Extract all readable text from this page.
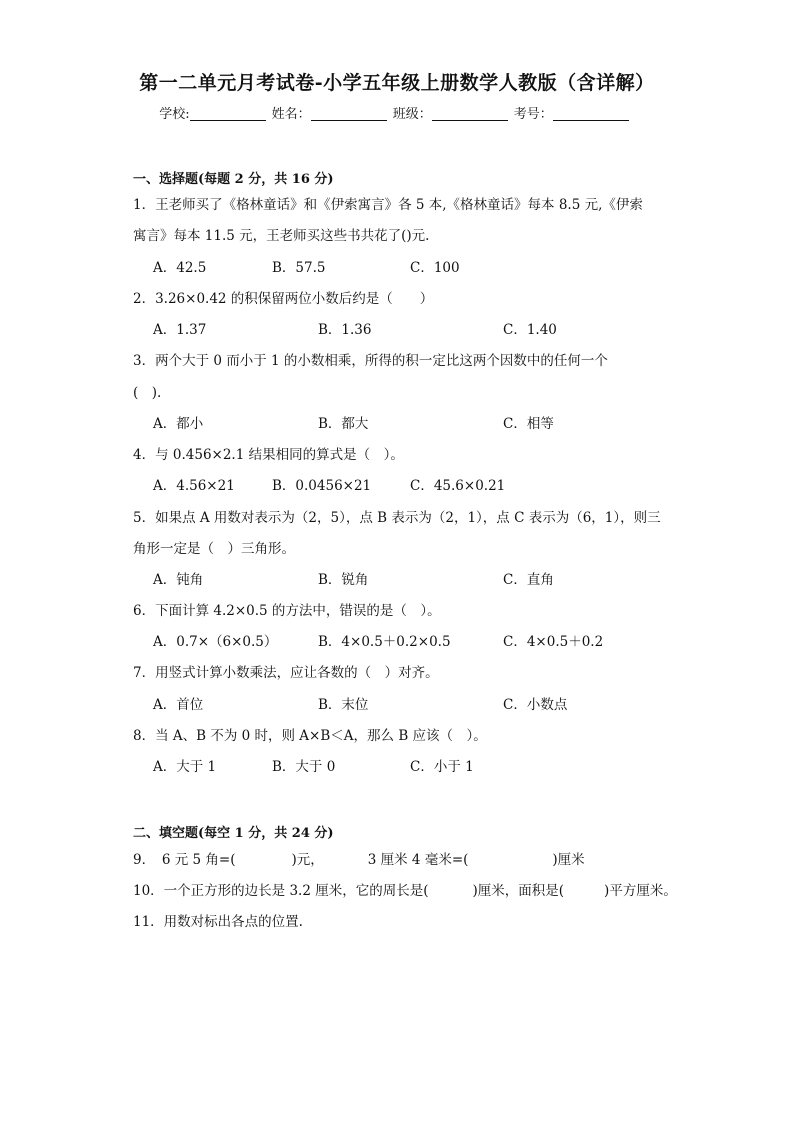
第一二单元月考试卷-小学五年级上册数学人教版（含详解）
学校:	姓名：	班级：	考号：
一、选择题(每题 2 分，共 16 分)
1．王老师买了《格林童话》和《伊索寓言》各 5 本,《格林童话》每本 8.5 元,《伊索
寓言》每本 11.5 元，王老师买这些书共花了()元.
A．42.5	B．57.5	C．100
2．3.26×0.42 的积保留两位小数后约是（　　）
A．1.37	B．1.36	C．1.40
3．两个大于 0 而小于 1 的小数相乘，所得的积一定比这两个因数中的任何一个
(　).
A．都小	B．都大	C．相等
4．与 0.456×2.1 结果相同的算式是（　）。
A．4.56×21	B．0.0456×21	C．45.6×0.21
5．如果点 A 用数对表示为（2，5），点 B 表示为（2，1），点 C 表示为（6，1），则三
角形一定是（　）三角形。
A．钝角	B．锐角	C．直角
6．下面计算 4.2×0.5 的方法中，错误的是（　）。
A．0.7×（6×0.5）	B．4×0.5＋0.2×0.5	C．4×0.5＋0.2
7．用竖式计算小数乘法，应让各数的（　）对齐。
A．首位	B．末位	C．小数点
8．当 A、B 不为 0 时，则 A×B＜A，那么 B 应该（　）。
A．大于 1	B．大于 0	C．小于 1
二、填空题(每空 1 分，共 24 分)
9．　6 元 5 角=(	)元，	3 厘米 4 毫米=(	)厘米
10．一个正方形的边长是 3.2 厘米，它的周长是(	)厘米，面积是(	)平方厘米。
11．用数对标出各点的位置.
